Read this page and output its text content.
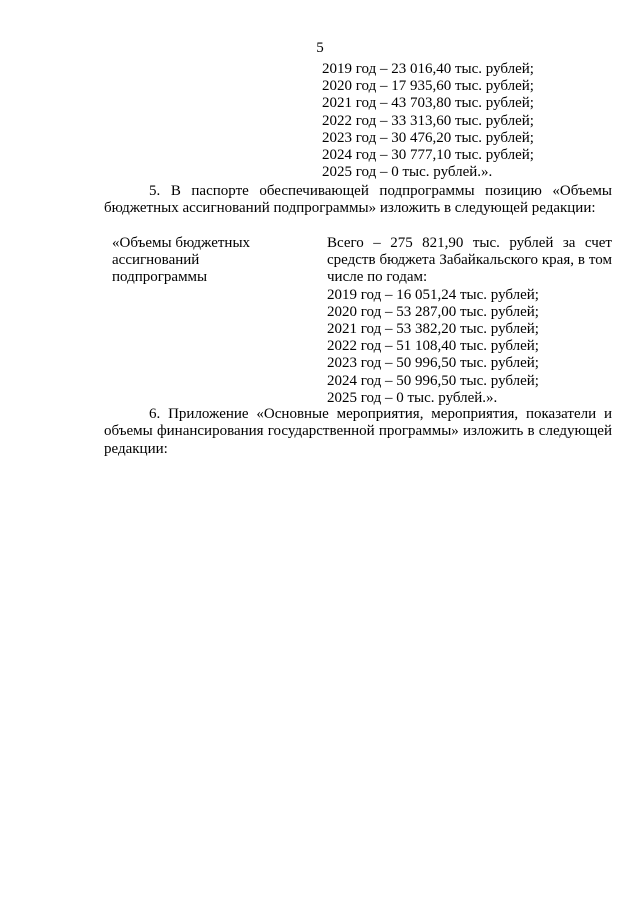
5
2019 год – 23 016,40 тыс. рублей;
2020 год – 17 935,60 тыс. рублей;
2021 год – 43 703,80 тыс. рублей;
2022 год – 33 313,60 тыс. рублей;
2023 год – 30 476,20 тыс. рублей;
2024 год – 30 777,10 тыс. рублей;
2025 год – 0 тыс. рублей.».

5. В паспорте обеспечивающей подпрограммы позицию «Объемы бюджетных ассигнований подпрограммы» изложить в следующей редакции:

«Объемы бюджетных
ассигнований
подпрограммы
Всего – 275 821,90 тыс. рублей за счет средств бюджета Забайкальского края, в том числе по годам:
2019 год – 16 051,24 тыс. рублей;
2020 год – 53 287,00 тыс. рублей;
2021 год – 53 382,20 тыс. рублей;
2022 год – 51 108,40 тыс. рублей;
2023 год – 50 996,50 тыс. рублей;
2024 год – 50 996,50 тыс. рублей;
2025 год – 0 тыс. рублей.».

6. Приложение «Основные мероприятия, мероприятия, показатели и объемы финансирования государственной программы» изложить в следующей редакции:
